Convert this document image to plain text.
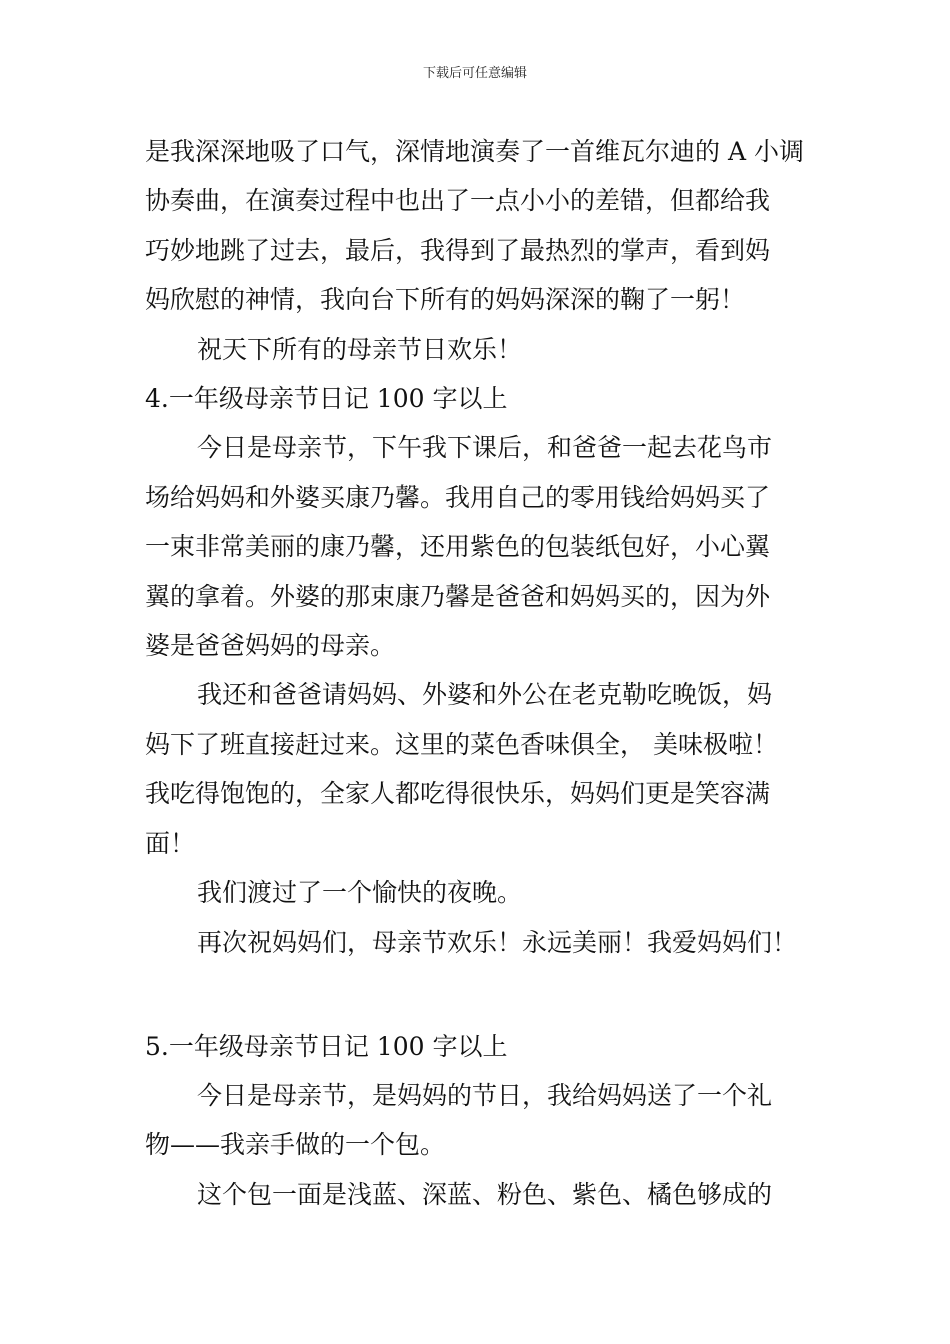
下载后可任意编辑
是我深深地吸了口气，深情地演奏了一首维瓦尔迪的 A 小调
协奏曲，在演奏过程中也出了一点小小的差错，但都给我
巧妙地跳了过去，最后，我得到了最热烈的掌声，看到妈
妈欣慰的神情，我向台下所有的妈妈深深的鞠了一躬！
祝天下所有的母亲节日欢乐！
4.一年级母亲节日记 100 字以上
今日是母亲节，下午我下课后，和爸爸一起去花鸟市
场给妈妈和外婆买康乃馨。我用自己的零用钱给妈妈买了
一束非常美丽的康乃馨，还用紫色的包装纸包好，小心翼
翼的拿着。外婆的那束康乃馨是爸爸和妈妈买的，因为外
婆是爸爸妈妈的母亲。
我还和爸爸请妈妈、外婆和外公在老克勒吃晚饭，妈
妈下了班直接赶过来。这里的菜色香味俱全， 美味极啦！
我吃得饱饱的，全家人都吃得很快乐，妈妈们更是笑容满
面！
我们渡过了一个愉快的夜晚。
再次祝妈妈们，母亲节欢乐！永远美丽！我爱妈妈们！
5.一年级母亲节日记 100 字以上
今日是母亲节，是妈妈的节日，我给妈妈送了一个礼
物——我亲手做的一个包。
这个包一面是浅蓝、深蓝、粉色、紫色、橘色够成的
